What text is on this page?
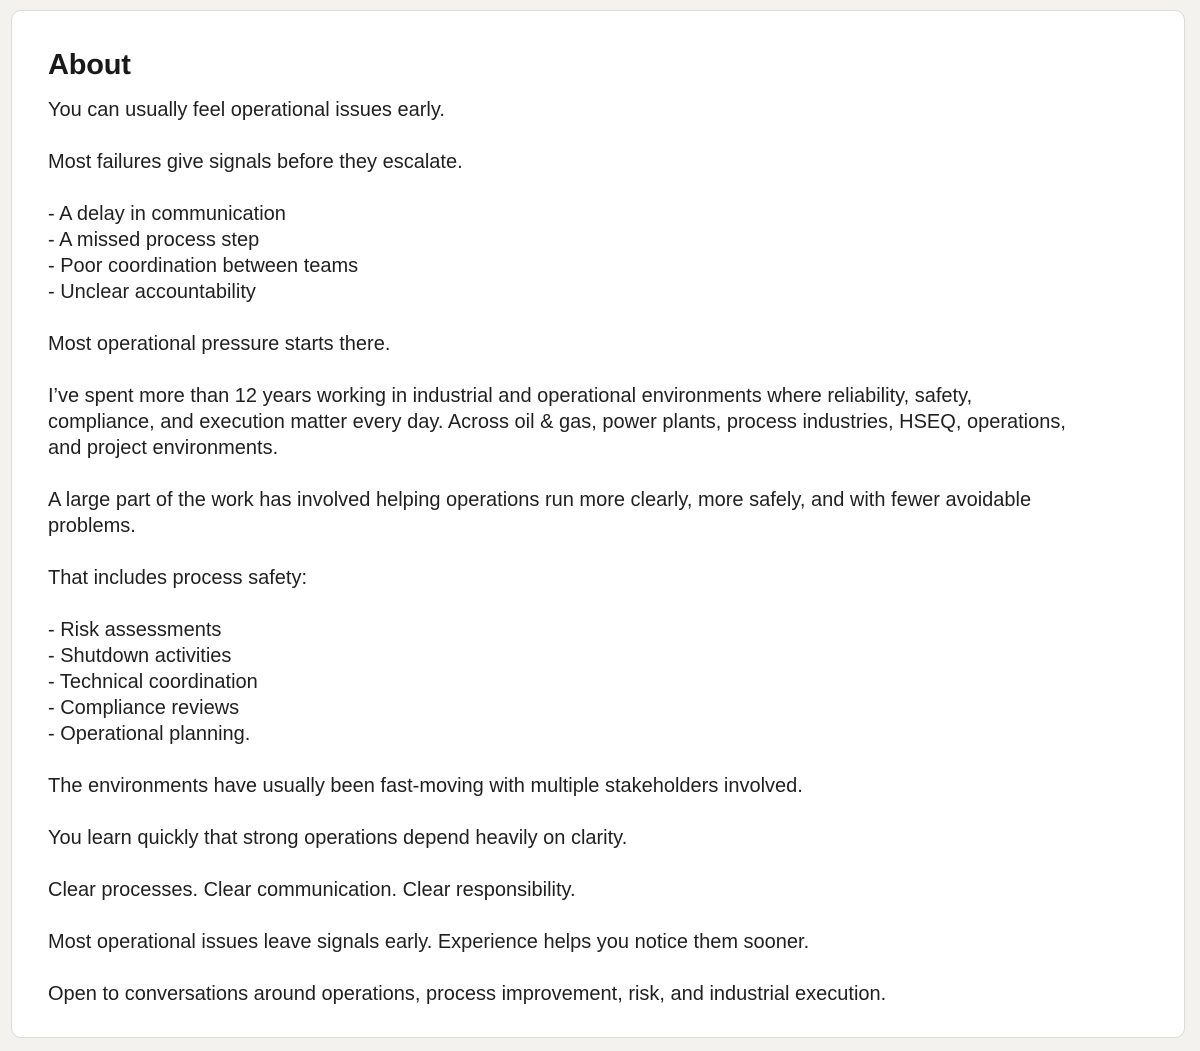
About

You can usually feel operational issues early.

Most failures give signals before they escalate.

- A delay in communication
- A missed process step
- Poor coordination between teams
- Unclear accountability

Most operational pressure starts there.

I’ve spent more than 12 years working in industrial and operational environments where reliability, safety,
compliance, and execution matter every day. Across oil & gas, power plants, process industries, HSEQ, operations,
and project environments.

A large part of the work has involved helping operations run more clearly, more safely, and with fewer avoidable
problems.

That includes process safety:

- Risk assessments
- Shutdown activities
- Technical coordination
- Compliance reviews
- Operational planning.

The environments have usually been fast-moving with multiple stakeholders involved.

You learn quickly that strong operations depend heavily on clarity.

Clear processes. Clear communication. Clear responsibility.

Most operational issues leave signals early. Experience helps you notice them sooner.

Open to conversations around operations, process improvement, risk, and industrial execution.
